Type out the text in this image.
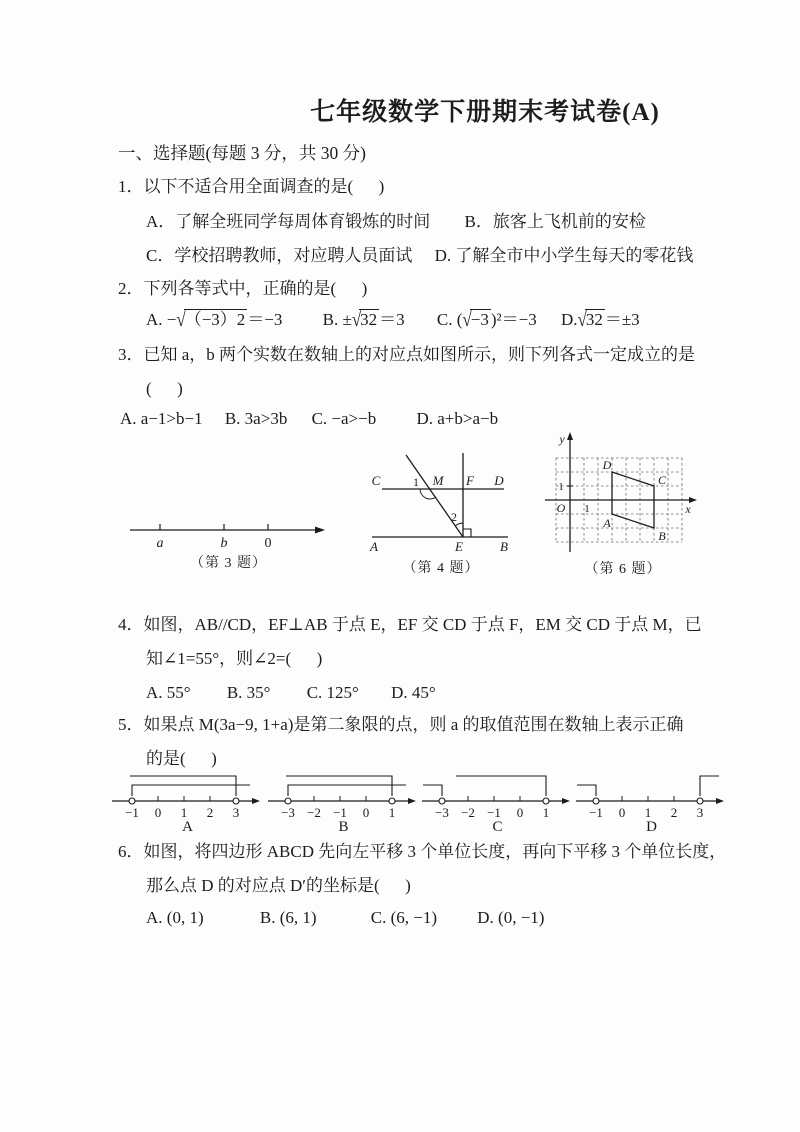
七年级数学下册期末考试卷(A)
一、选择题(每题 3 分，共 30 分)
1．以下不适合用全面调查的是(      )
A．了解全班同学每周体育锻炼的时间 B．旅客上飞机前的安检
C．学校招聘教师，对应聘人员面试 D. 了解全市中小学生每天的零花钱
2．下列各等式中，正确的是(      )
A. −√（−3）2 ＝−3 B. ±√32 ＝3 C. (√−3 )²＝−3 D.√32 ＝±3
3．已知 a，b 两个实数在数轴上的对应点如图所示，则下列各式一定成立的是
(      )
A. a−1>b−1 B. 3a>3b C. −a>−b D. a+b>a−b
a	b	0
（第 3 题）
C	1 M F D
2
A	E	B
（第 4 题）
y
x
O 1
1
D
C
B
A
（第 6 题）
4．如图，AB//CD，EF⊥AB 于点 E，EF 交 CD 于点 F，EM 交 CD 于点 M，已
知∠1=55°，则∠2=(      )
A. 55° B. 35° C. 125° D. 45°
5．如果点 M(3a−9, 1+a)是第二象限的点，则 a 的取值范围在数轴上表示正确
的是(      )
−1 0 1 2 3
A
−3 −2 −1 0 1
B
−3 −2 −1 0 1
C
−1 0 1 2 3
D
6．如图，将四边形 ABCD 先向左平移 3 个单位长度，再向下平移 3 个单位长度，
那么点 D 的对应点 D′的坐标是(      )
A. (0, 1)	B. (6, 1)	C. (6, −1) D. (0, −1)
